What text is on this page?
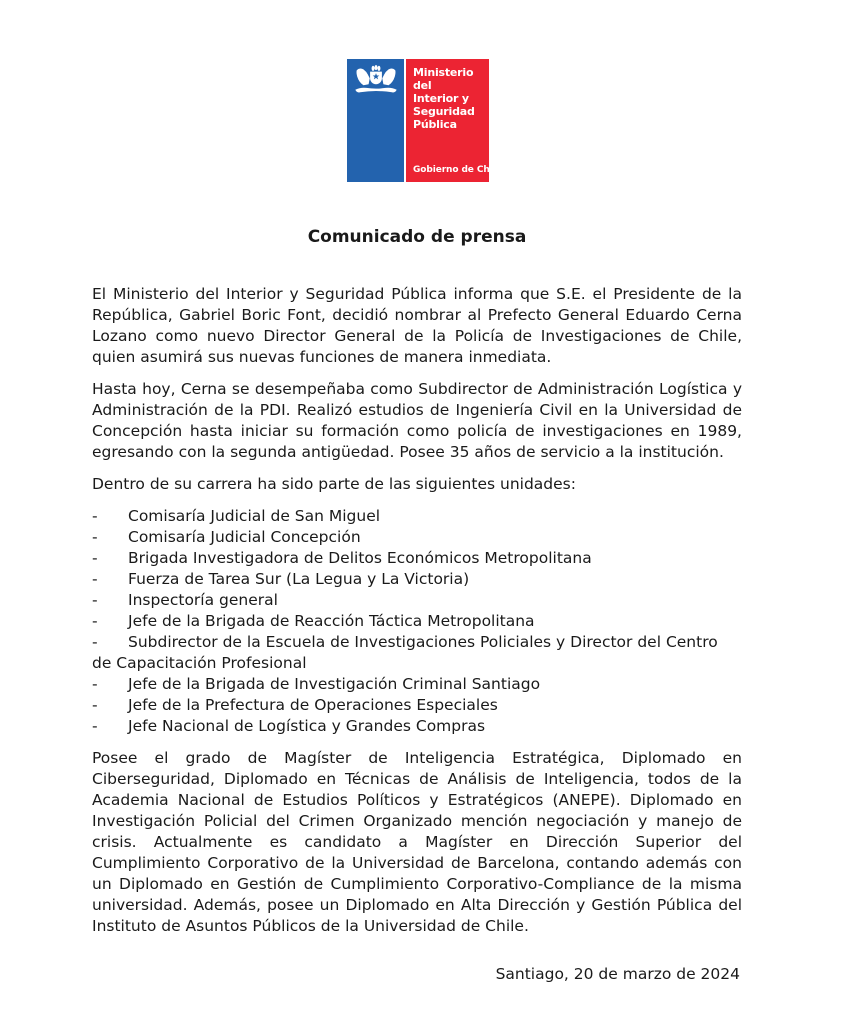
Ministerio del
Interior y
Seguridad
Pública
Gobierno de Chile
Comunicado de prensa

El Ministerio del Interior y Seguridad Pública informa que S.E. el Presidente de la República, Gabriel Boric Font, decidió nombrar al Prefecto General Eduardo Cerna Lozano como nuevo Director General de la Policía de Investigaciones de Chile, quien asumirá sus nuevas funciones de manera inmediata.

Hasta hoy, Cerna se desempeñaba como Subdirector de Administración Logística y Administración de la PDI. Realizó estudios de Ingeniería Civil en la Universidad de Concepción hasta iniciar su formación como policía de investigaciones en 1989, egresando con la segunda antigüedad. Posee 35 años de servicio a la institución.

Dentro de su carrera ha sido parte de las siguientes unidades:

- Comisaría Judicial de San Miguel
- Comisaría Judicial Concepción
- Brigada Investigadora de Delitos Económicos Metropolitana
- Fuerza de Tarea Sur (La Legua y La Victoria)
- Inspectoría general
- Jefe de la Brigada de Reacción Táctica Metropolitana
- Subdirector de la Escuela de Investigaciones Policiales y Director del Centro de Capacitación Profesional
- Jefe de la Brigada de Investigación Criminal Santiago
- Jefe de la Prefectura de Operaciones Especiales
- Jefe Nacional de Logística y Grandes Compras

Posee el grado de Magíster de Inteligencia Estratégica, Diplomado en Ciberseguridad, Diplomado en Técnicas de Análisis de Inteligencia, todos de la Academia Nacional de Estudios Políticos y Estratégicos (ANEPE). Diplomado en Investigación Policial del Crimen Organizado mención negociación y manejo de crisis. Actualmente es candidato a Magíster en Dirección Superior del Cumplimiento Corporativo de la Universidad de Barcelona, contando además con un Diplomado en Gestión de Cumplimiento Corporativo-Compliance de la misma universidad. Además, posee un Diplomado en Alta Dirección y Gestión Pública del Instituto de Asuntos Públicos de la Universidad de Chile.

Santiago, 20 de marzo de 2024
